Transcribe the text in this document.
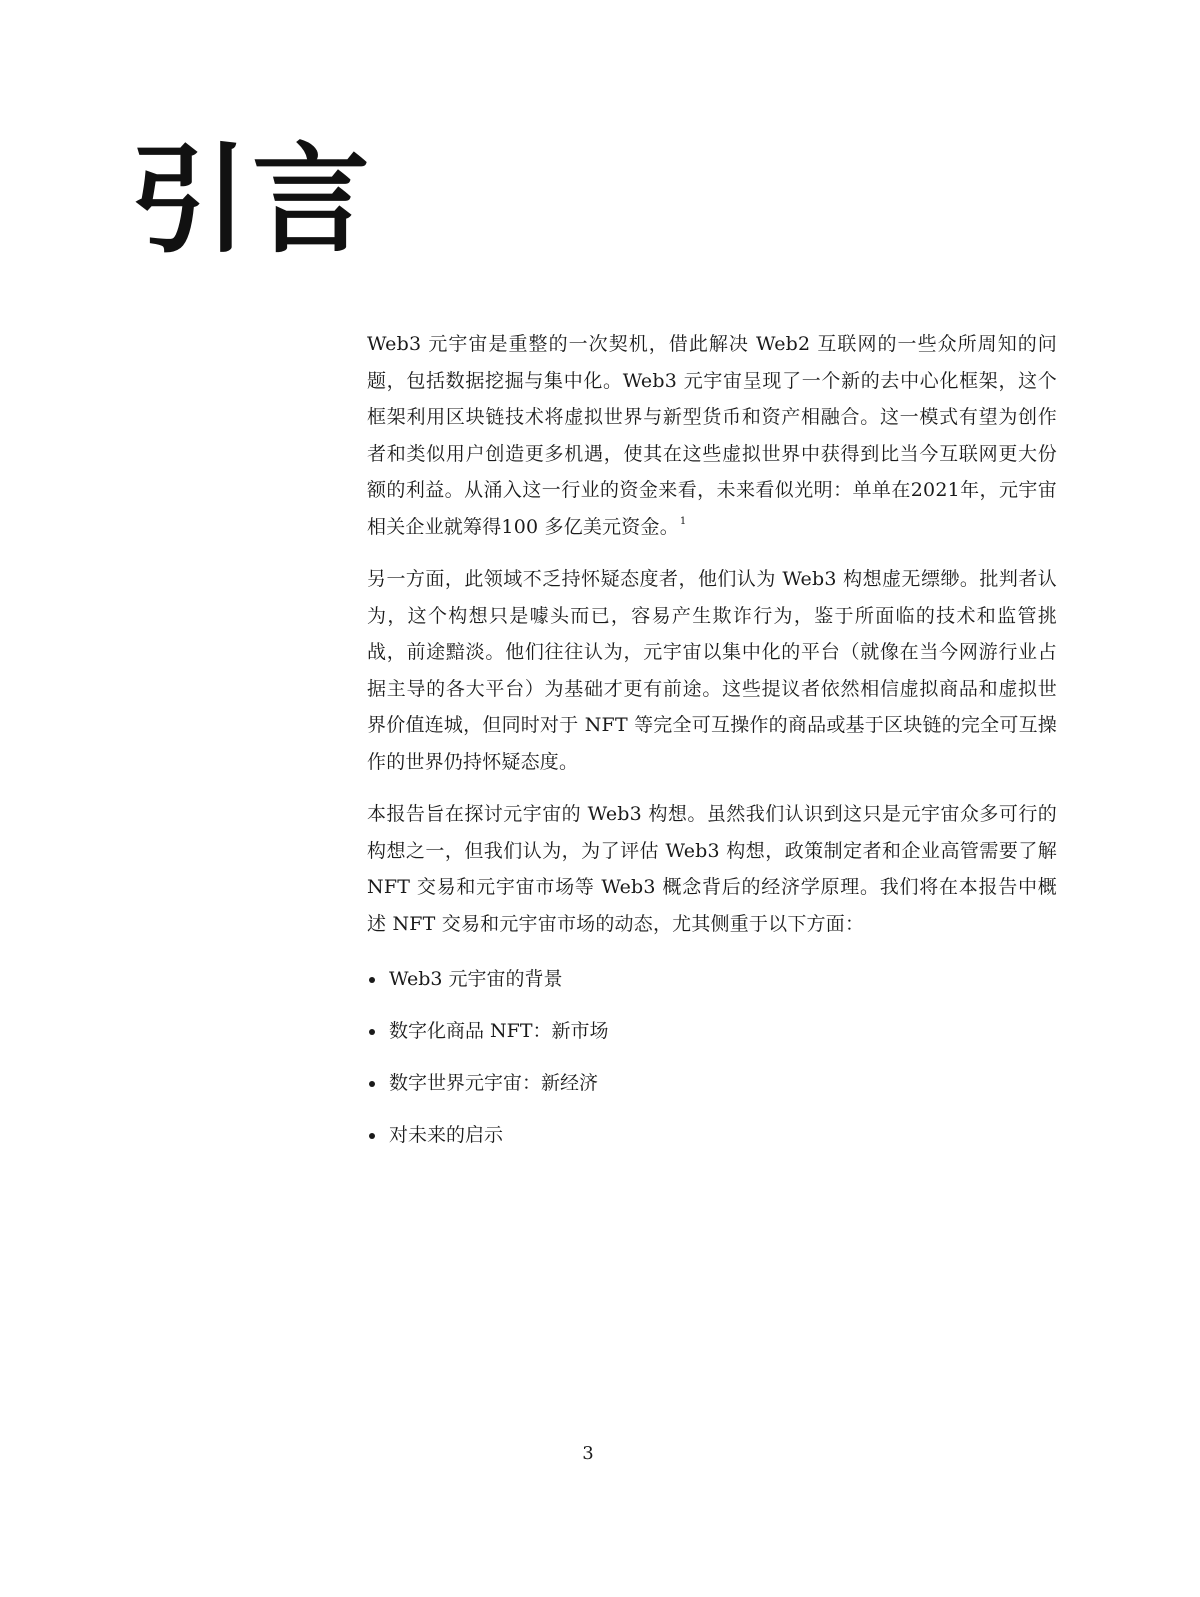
引言

Web3 元宇宙是重整的一次契机，借此解决 Web2 互联网的一些众所周知的问题，包括数据挖掘与集中化。Web3 元宇宙呈现了一个新的去中心化框架，这个框架利用区块链技术将虚拟世界与新型货币和资产相融合。这一模式有望为创作者和类似用户创造更多机遇，使其在这些虚拟世界中获得到比当今互联网更大份额的利益。从涌入这一行业的资金来看，未来看似光明：单单在2021年，元宇宙相关企业就筹得100 多亿美元资金。$^1$

另一方面，此领域不乏持怀疑态度者，他们认为 Web3 构想虚无缥缈。批判者认为，这个构想只是噱头而已，容易产生欺诈行为，鉴于所面临的技术和监管挑战，前途黯淡。他们往往认为，元宇宙以集中化的平台（就像在当今网游行业占据主导的各大平台）为基础才更有前途。这些提议者依然相信虚拟商品和虚拟世界价值连城，但同时对于 NFT 等完全可互操作的商品或基于区块链的完全可互操作的世界仍持怀疑态度。

本报告旨在探讨元宇宙的 Web3 构想。虽然我们认识到这只是元宇宙众多可行的构想之一，但我们认为，为了评估 Web3 构想，政策制定者和企业高管需要了解 NFT 交易和元宇宙市场等 Web3 概念背后的经济学原理。我们将在本报告中概述 NFT 交易和元宇宙市场的动态，尤其侧重于以下方面：

Web3 元宇宙的背景
数字化商品 NFT：新市场
数字世界元宇宙：新经济
对未来的启示
3
